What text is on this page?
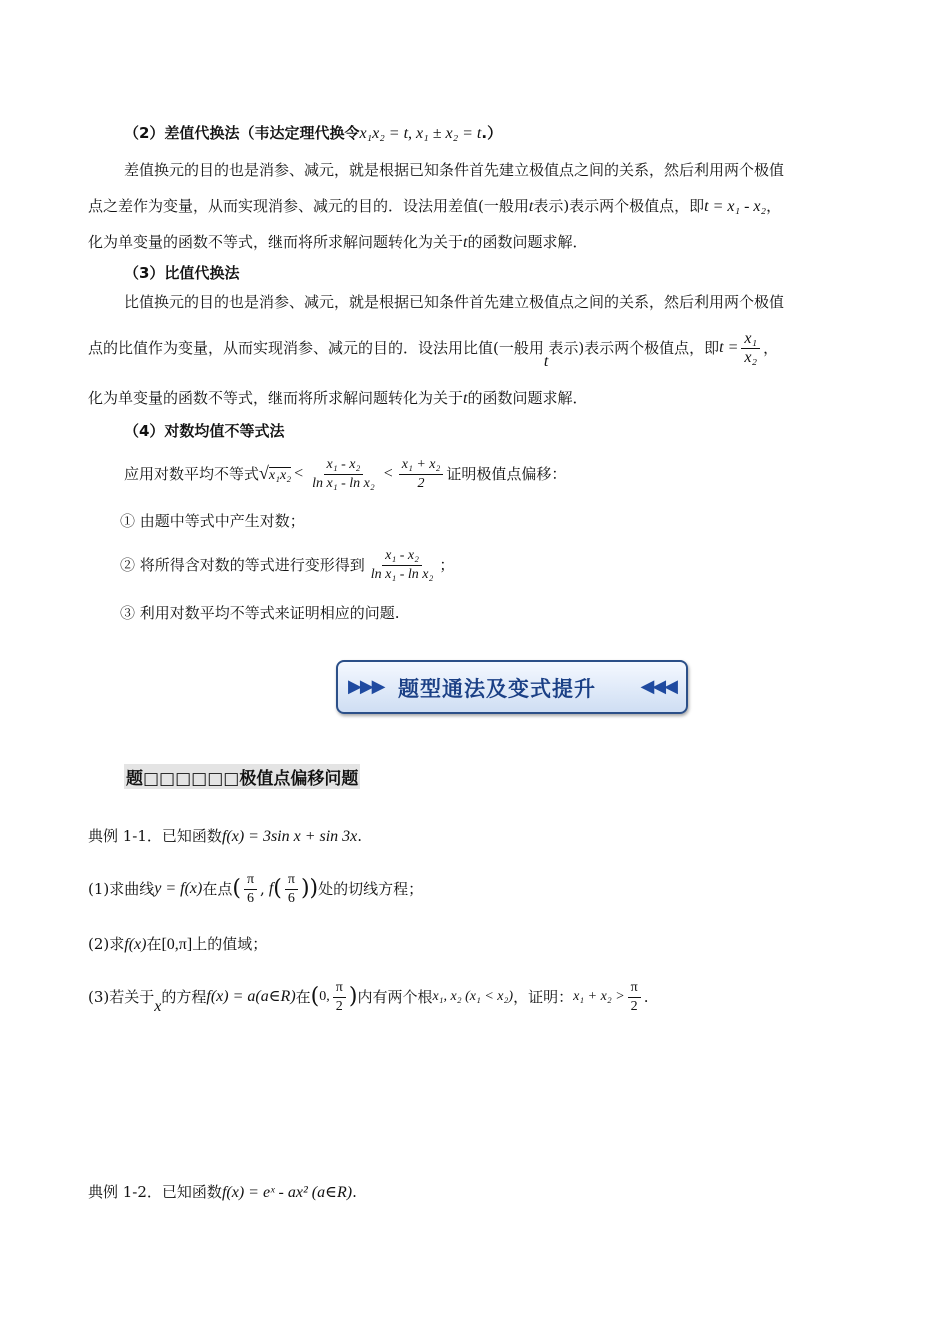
（2）差值代换法（韦达定理代换令x₁x₂ = t, x₁ ± x₂ = t.）
差值换元的目的也是消参、减元，就是根据已知条件首先建立极值点之间的关系，然后利用两个极值
点之差作为变量，从而实现消参、减元的目的．设法用差值(一般用t表示)表示两个极值点，即t = x₁ - x₂，
化为单变量的函数不等式，继而将所求解问题转化为关于t的函数问题求解．
（3）比值代换法
比值换元的目的也是消参、减元，就是根据已知条件首先建立极值点之间的关系，然后利用两个极值
点的比值作为变量，从而实现消参、减元的目的．设法用比值(一般用
t
表示)表示两个极值点，即 $t = \frac{\text{x₁}}{\text{x₂}}$ ，
化为单变量的函数不等式，继而将所求解问题转化为关于t的函数问题求解．
（4）对数均值不等式法
应用对数平均不等式 $√x_1x_2 < \frac{\text{x₁ - x₂}}{\text{ln x₁ - ln x₂}} < \frac{\text{x₁ + x₂}}{2}$ 证明极值点偏移：
① 由题中等式中产生对数；
② 将所得含对数的等式进行变形得到 $\frac{\text{x₁ - x₂}}{\text{ln x₁ - ln x₂}}$ ；
③ 利用对数平均不等式来证明相应的问题.
▶▶▶ 题型通法及变式提升 ◀◀◀
题□□□□□□极值点偏移问题
典例 1-1．已知函数f(x) = 3sin x + sin 3x.
(1)求曲线 y = f(x) 在点 ( $\frac{\pi}{6}$ , f ( $\frac{\pi}{6}$ )) 处的切线方程；
(2)求f(x)在[0,π]上的值域；
(3)若关于
x
的方程 f(x) = a(a∈R) 在 ( 0, $\frac{\pi}{2}$ ) 内有两个根 x₁, x₂ (x₁ < x₂) ，证明： $x_1 + x_2 > \frac{\pi}{2}$ .
典例 1-2．已知函数f(x) = eˣ - ax² (a∈R).
